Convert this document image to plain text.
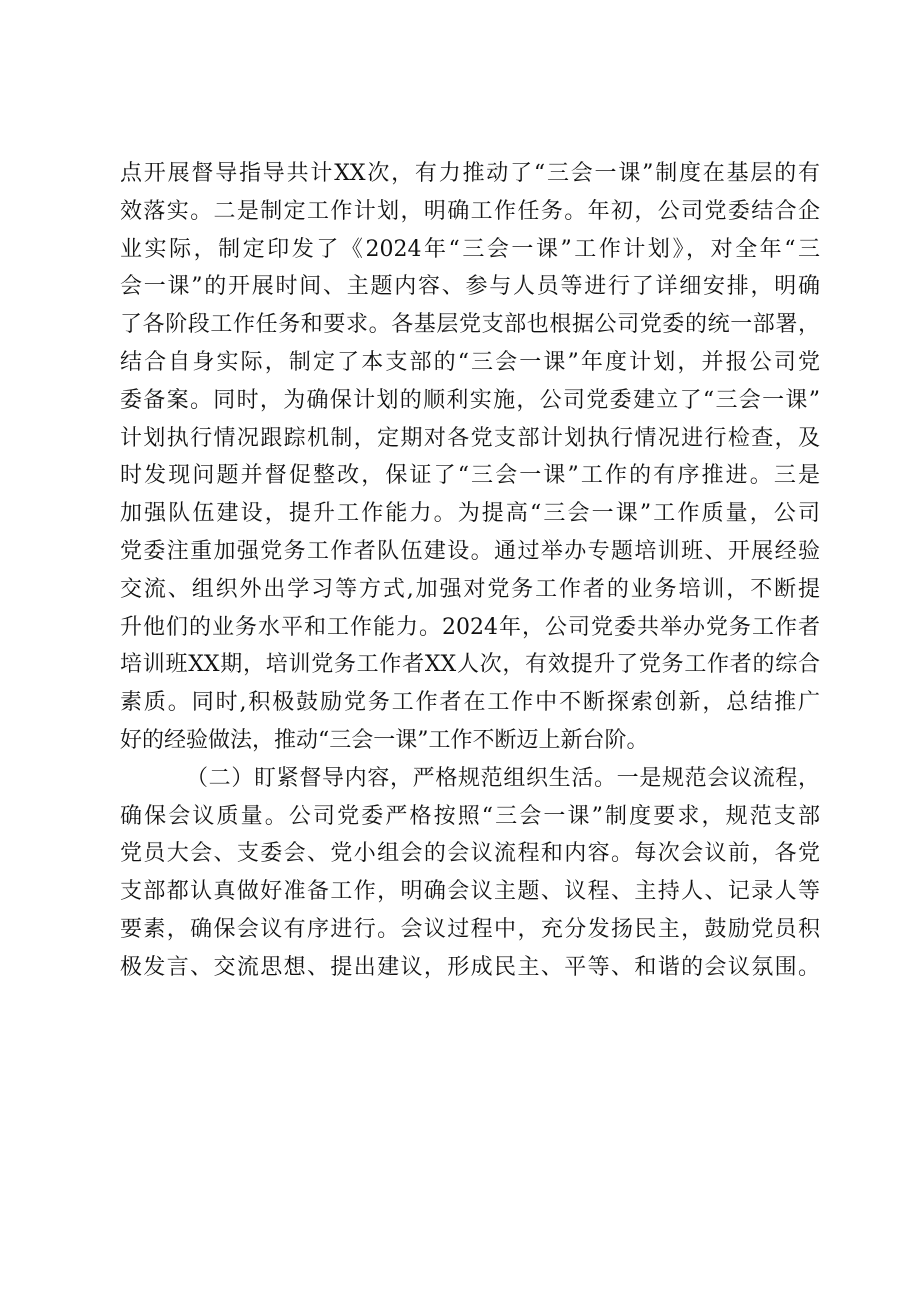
点开展督导指导共计XX次，有力推动了“三会一课”制度在基层的有
效落实。二是制定工作计划，明确工作任务。年初，公司党委结合企
业实际，制定印发了《2024年“三会一课”工作计划》，对全年“三
会一课”的开展时间、主题内容、参与人员等进行了详细安排，明确
了各阶段工作任务和要求。各基层党支部也根据公司党委的统一部署，
结合自身实际，制定了本支部的“三会一课”年度计划，并报公司党
委备案。同时，为确保计划的顺利实施，公司党委建立了“三会一课”
计划执行情况跟踪机制，定期对各党支部计划执行情况进行检查，及
时发现问题并督促整改，保证了“三会一课”工作的有序推进。三是
加强队伍建设，提升工作能力。为提高“三会一课”工作质量，公司
党委注重加强党务工作者队伍建设。通过举办专题培训班、开展经验
交流、组织外出学习等方式,加强对党务工作者的业务培训，不断提
升他们的业务水平和工作能力。2024年，公司党委共举办党务工作者
培训班XX期，培训党务工作者XX人次，有效提升了党务工作者的综合
素质。同时,积极鼓励党务工作者在工作中不断探索创新，总结推广
好的经验做法，推动“三会一课”工作不断迈上新台阶。
（二）盯紧督导内容，严格规范组织生活。一是规范会议流程，
确保会议质量。公司党委严格按照“三会一课”制度要求，规范支部
党员大会、支委会、党小组会的会议流程和内容。每次会议前，各党
支部都认真做好准备工作，明确会议主题、议程、主持人、记录人等
要素，确保会议有序进行。会议过程中，充分发扬民主，鼓励党员积
极发言、交流思想、提出建议，形成民主、平等、和谐的会议氛围。
